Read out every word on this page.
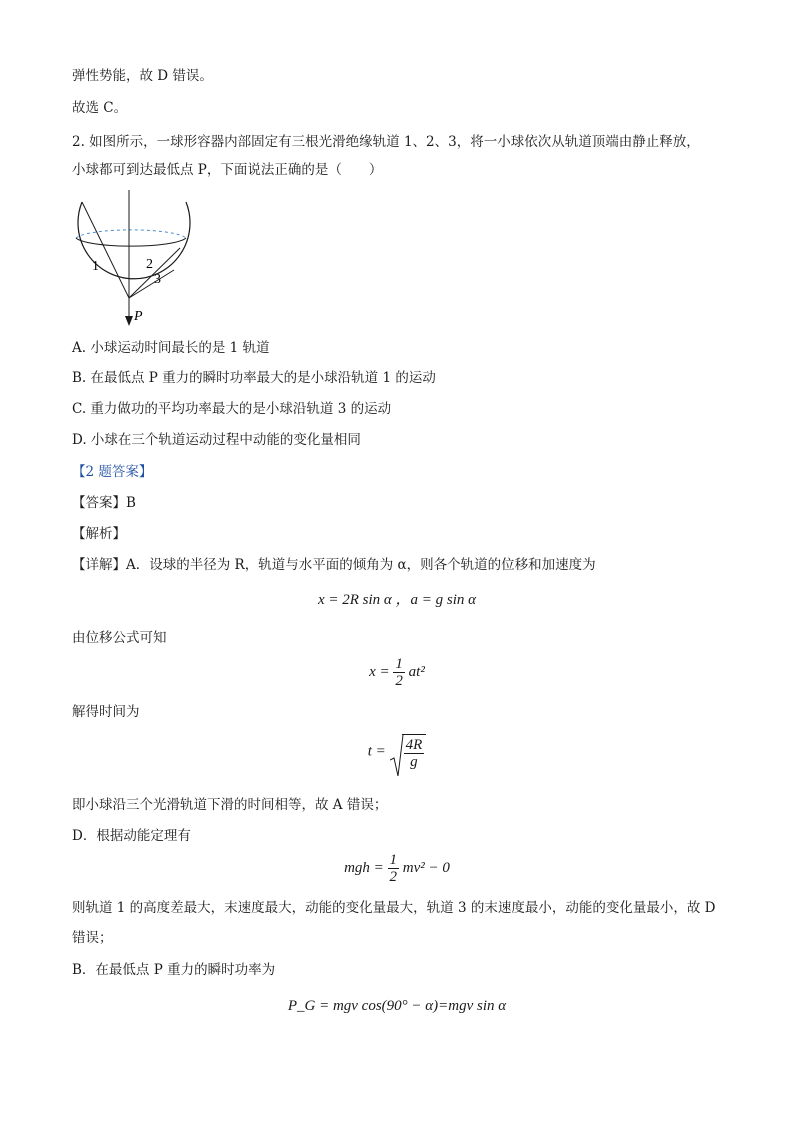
弹性势能，故 D 错误。
故选 C。
2. 如图所示，一球形容器内部固定有三根光滑绝缘轨道 1、2、3，将一小球依次从轨道顶端由静止释放，
小球都可到达最低点 P，下面说法正确的是（　　）
1	2
3
P
A. 小球运动时间最长的是 1 轨道
B. 在最低点 P 重力的瞬时功率最大的是小球沿轨道 1 的运动
C. 重力做功的平均功率最大的是小球沿轨道 3 的运动
D. 小球在三个轨道运动过程中动能的变化量相同
【2 题答案】
【答案】B
【解析】
【详解】A．设球的半径为 R，轨道与水平面的倾角为 α，则各个轨道的位移和加速度为
x = 2R sin α ，a = g sin α
由位移公式可知
$x = \frac{1}{2} at^2$
解得时间为
$t = \frac{4R}{g}$
即小球沿三个光滑轨道下滑的时间相等，故 A 错误；
D．根据动能定理有
mgh = $\frac{1}{2} mv^2 - 0$
则轨道 1 的高度差最大，末速度最大，动能的变化量最大，轨道 3 的末速度最小，动能的变化量最小，故 D
错误；
B．在最低点 P 重力的瞬时功率为
P_G = mgv cos(90° − α)=mgv sin α
